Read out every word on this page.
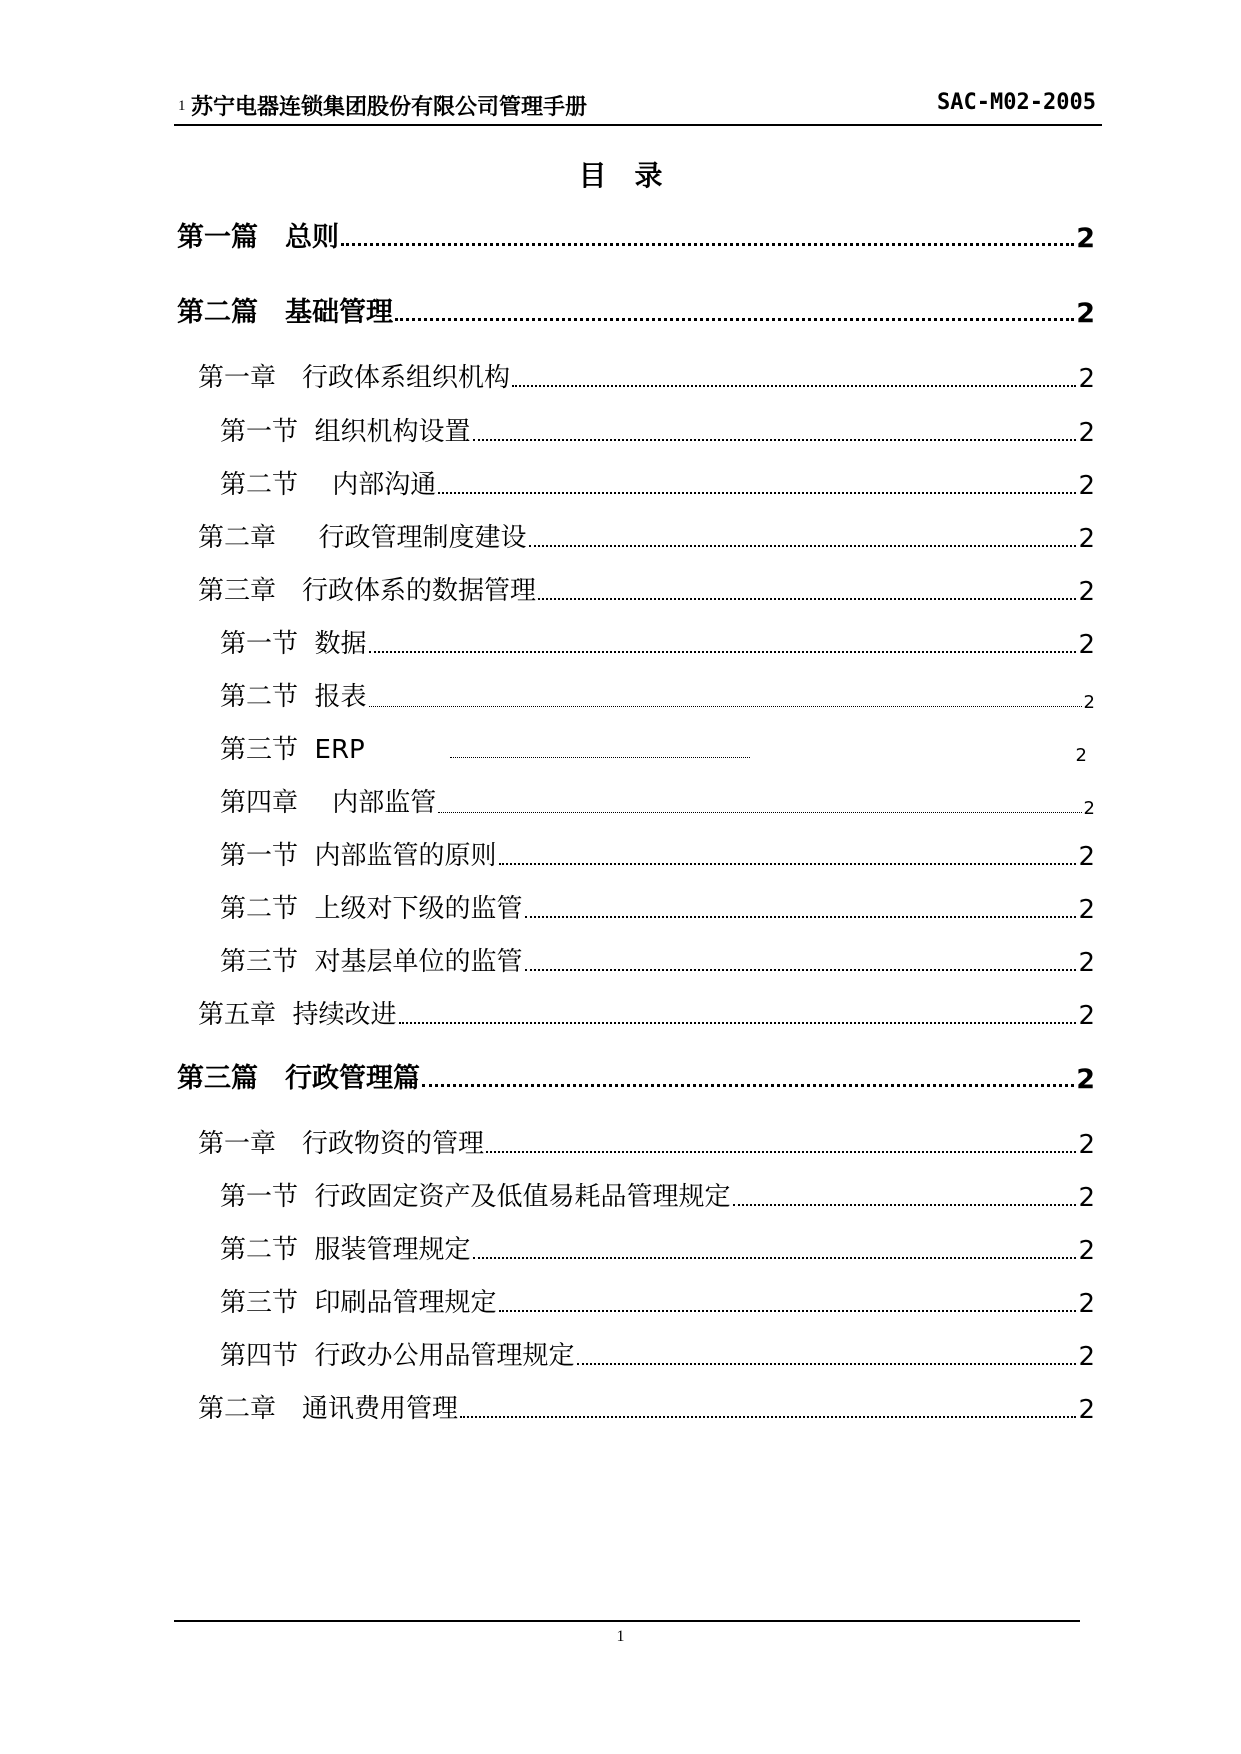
1 苏宁电器连锁集团股份有限公司管理手册	SAC-M02-2005
目录
第一篇　总则	2
第二篇　基础管理	2
第一章　行政体系组织机构	2
第一节  组织机构设置	2
第二节　 内部沟通	2
第二章　  行政管理制度建设	2
第三章　行政体系的数据管理	2
第一节  数据	2
第二节  报表	2
第三节  ERP	2
第四章　 内部监管	2
第一节  内部监管的原则	2
第二节  上级对下级的监管	2
第三节  对基层单位的监管	2
第五章  持续改进	2
第三篇　行政管理篇	2
第一章　行政物资的管理	2
第一节  行政固定资产及低值易耗品管理规定	2
第二节  服装管理规定	2
第三节  印刷品管理规定	2
第四节  行政办公用品管理规定	2
第二章　通讯费用管理	2
1
